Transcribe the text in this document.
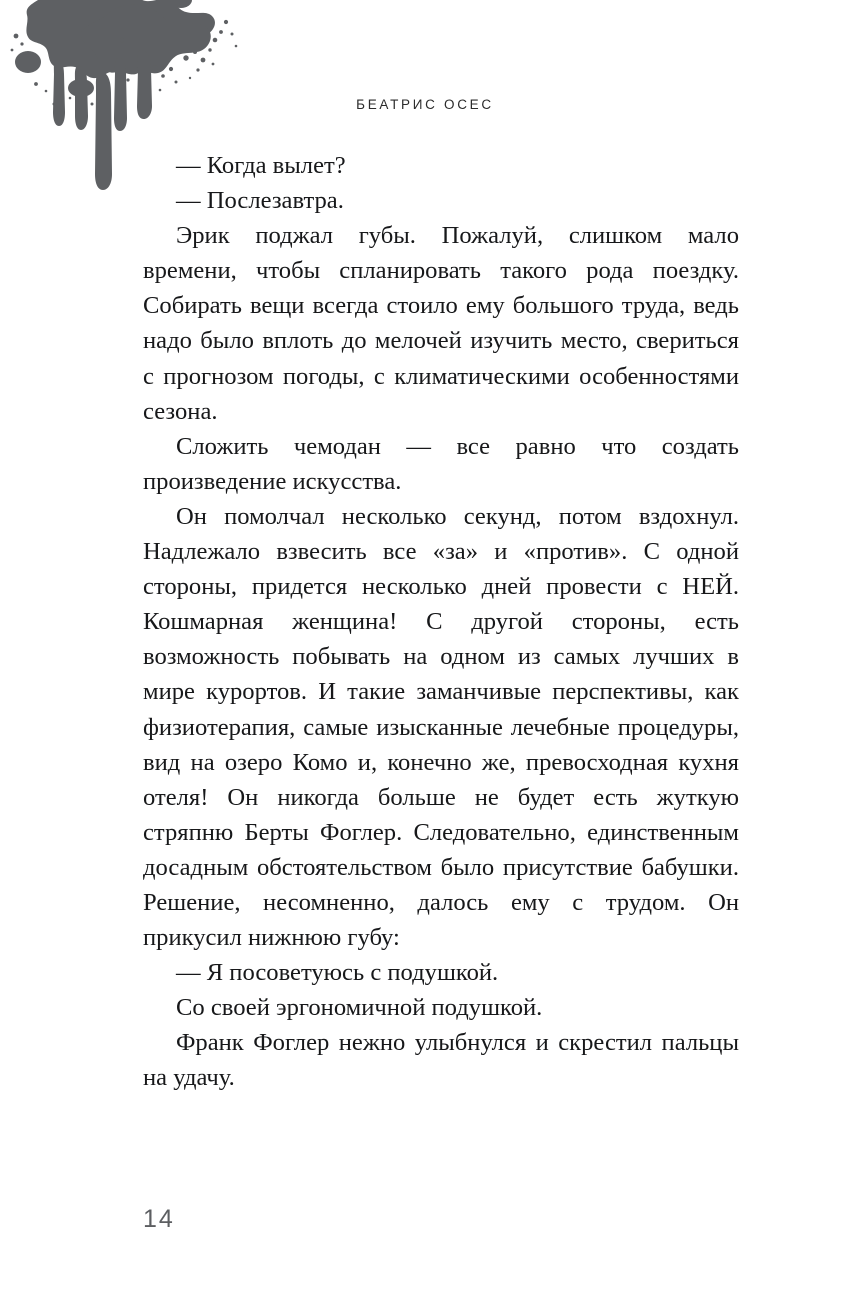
БЕАТРИС ОСЕС

— Когда вылет?

— Послезавтра.

Эрик поджал губы. Пожалуй, слишком мало времени, чтобы спланировать такого рода поездку. Собирать вещи всегда стоило ему большого труда, ведь надо было вплоть до мелочей изучить место, свериться с прогнозом погоды, с климатическими особенностями сезона.

Сложить чемодан — все равно что создать произведение искусства.

Он помолчал несколько секунд, потом вздохнул. Надлежало взвесить все «за» и «против». С одной стороны, придется несколько дней провести с НЕЙ. Кошмарная женщина! С другой стороны, есть возможность побывать на одном из самых лучших в мире курортов. И такие заманчивые перспективы, как физиотерапия, самые изысканные лечебные процедуры, вид на озеро Комо и, конечно же, превосходная кухня отеля! Он никогда больше не будет есть жуткую стряпню Берты Фоглер. Следовательно, единственным досадным обстоятельством было присутствие бабушки. Решение, несомненно, далось ему с трудом. Он прикусил нижнюю губу:

— Я посоветуюсь с подушкой.

Со своей эргономичной подушкой.

Франк Фоглер нежно улыбнулся и скрестил пальцы на удачу.

14
